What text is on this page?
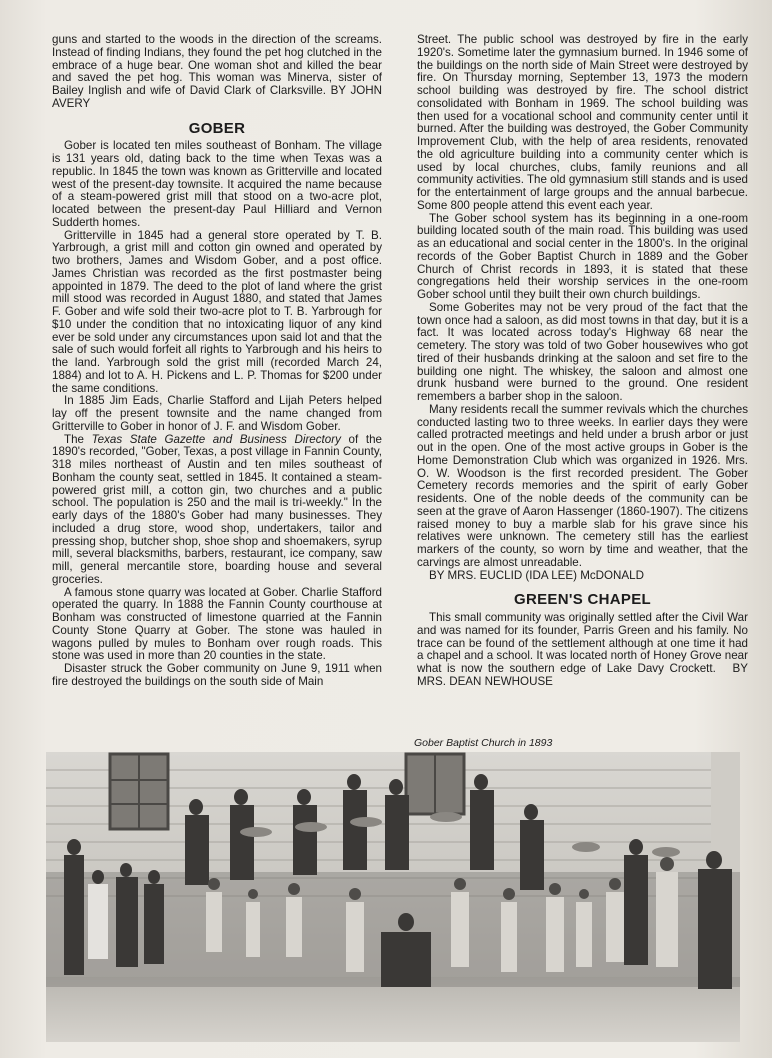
guns and started to the woods in the direction of the screams. Instead of finding Indians, they found the pet hog clutched in the embrace of a huge bear. One woman shot and killed the bear and saved the pet hog. This woman was Minerva, sister of Bailey Inglish and wife of David Clark of Clarksville. BY JOHN AVERY

GOBER

Gober is located ten miles southeast of Bonham. The village is 131 years old, dating back to the time when Texas was a republic. In 1845 the town was known as Gritterville and located west of the present-day townsite. It acquired the name because of a steam-powered grist mill that stood on a two-acre plot, located between the present-day Paul Hilliard and Vernon Sudderth homes.

Gritterville in 1845 had a general store operated by T. B. Yarbrough, a grist mill and cotton gin owned and operated by two brothers, James and Wisdom Gober, and a post office. James Christian was recorded as the first postmaster being appointed in 1879. The deed to the plot of land where the grist mill stood was recorded in August 1880, and stated that James F. Gober and wife sold their two-acre plot to T. B. Yarbrough for $10 under the condition that no intoxicating liquor of any kind ever be sold under any circumstances upon said lot and that the sale of such would forfeit all rights to Yarbrough and his heirs to the land. Yarbrough sold the grist mill (recorded March 24, 1884) and lot to A. H. Pickens and L. P. Thomas for $200 under the same conditions.

In 1885 Jim Eads, Charlie Stafford and Lijah Peters helped lay off the present townsite and the name changed from Gritterville to Gober in honor of J. F. and Wisdom Gober.

The Texas State Gazette and Business Directory of the 1890's recorded, "Gober, Texas, a post village in Fannin County, 318 miles northeast of Austin and ten miles southeast of Bonham the county seat, settled in 1845. It contained a steam-powered grist mill, a cotton gin, two churches and a public school. The population is 250 and the mail is tri-weekly." In the early days of the 1880's Gober had many businesses. They included a drug store, wood shop, undertakers, tailor and pressing shop, butcher shop, shoe shop and shoemakers, syrup mill, several blacksmiths, barbers, restaurant, ice company, saw mill, general mercantile store, boarding house and several groceries.

A famous stone quarry was located at Gober. Charlie Stafford operated the quarry. In 1888 the Fannin County courthouse at Bonham was constructed of limestone quarried at the Fannin County Stone Quarry at Gober. The stone was hauled in wagons pulled by mules to Bonham over rough roads. This stone was used in more than 20 counties in the state.

Disaster struck the Gober community on June 9, 1911 when fire destroyed the buildings on the south side of Main

Street. The public school was destroyed by fire in the early 1920's. Sometime later the gymnasium burned. In 1946 some of the buildings on the north side of Main Street were destroyed by fire. On Thursday morning, September 13, 1973 the modern school building was destroyed by fire. The school district consolidated with Bonham in 1969. The school building was then used for a vocational school and community center until it burned. After the building was destroyed, the Gober Community Improvement Club, with the help of area residents, renovated the old agriculture building into a community center which is used by local churches, clubs, family reunions and all community activities. The old gymnasium still stands and is used for the entertainment of large groups and the annual barbecue. Some 800 people attend this event each year.

The Gober school system has its beginning in a one-room building located south of the main road. This building was used as an educational and social center in the 1800's. In the original records of the Gober Baptist Church in 1889 and the Gober Church of Christ records in 1893, it is stated that these congregations held their worship services in the one-room Gober school until they built their own church buildings.

Some Goberites may not be very proud of the fact that the town once had a saloon, as did most towns in that day, but it is a fact. It was located across today's Highway 68 near the cemetery. The story was told of two Gober housewives who got tired of their husbands drinking at the saloon and set fire to the building one night. The whiskey, the saloon and almost one drunk husband were burned to the ground. One resident remembers a barber shop in the saloon.

Many residents recall the summer revivals which the churches conducted lasting two to three weeks. In earlier days they were called protracted meetings and held under a brush arbor or just out in the open. One of the most active groups in Gober is the Home Demonstration Club which was organized in 1926. Mrs. O. W. Woodson is the first recorded president. The Gober Cemetery records memories and the spirit of early Gober residents. One of the noble deeds of the community can be seen at the grave of Aaron Hassenger (1860-1907). The citizens raised money to buy a marble slab for his grave since his relatives were unknown. The cemetery still has the earliest markers of the county, so worn by time and weather, that the carvings are almost unreadable.

BY MRS. EUCLID (IDA LEE) McDONALD

GREEN'S CHAPEL

This small community was originally settled after the Civil War and was named for its founder, Parris Green and his family. No trace can be found of the settlement although at one time it had a chapel and a school. It was located north of Honey Grove near what is now the southern edge of Lake Davy Crockett. BY MRS. DEAN NEWHOUSE

Gober Baptist Church in 1893
